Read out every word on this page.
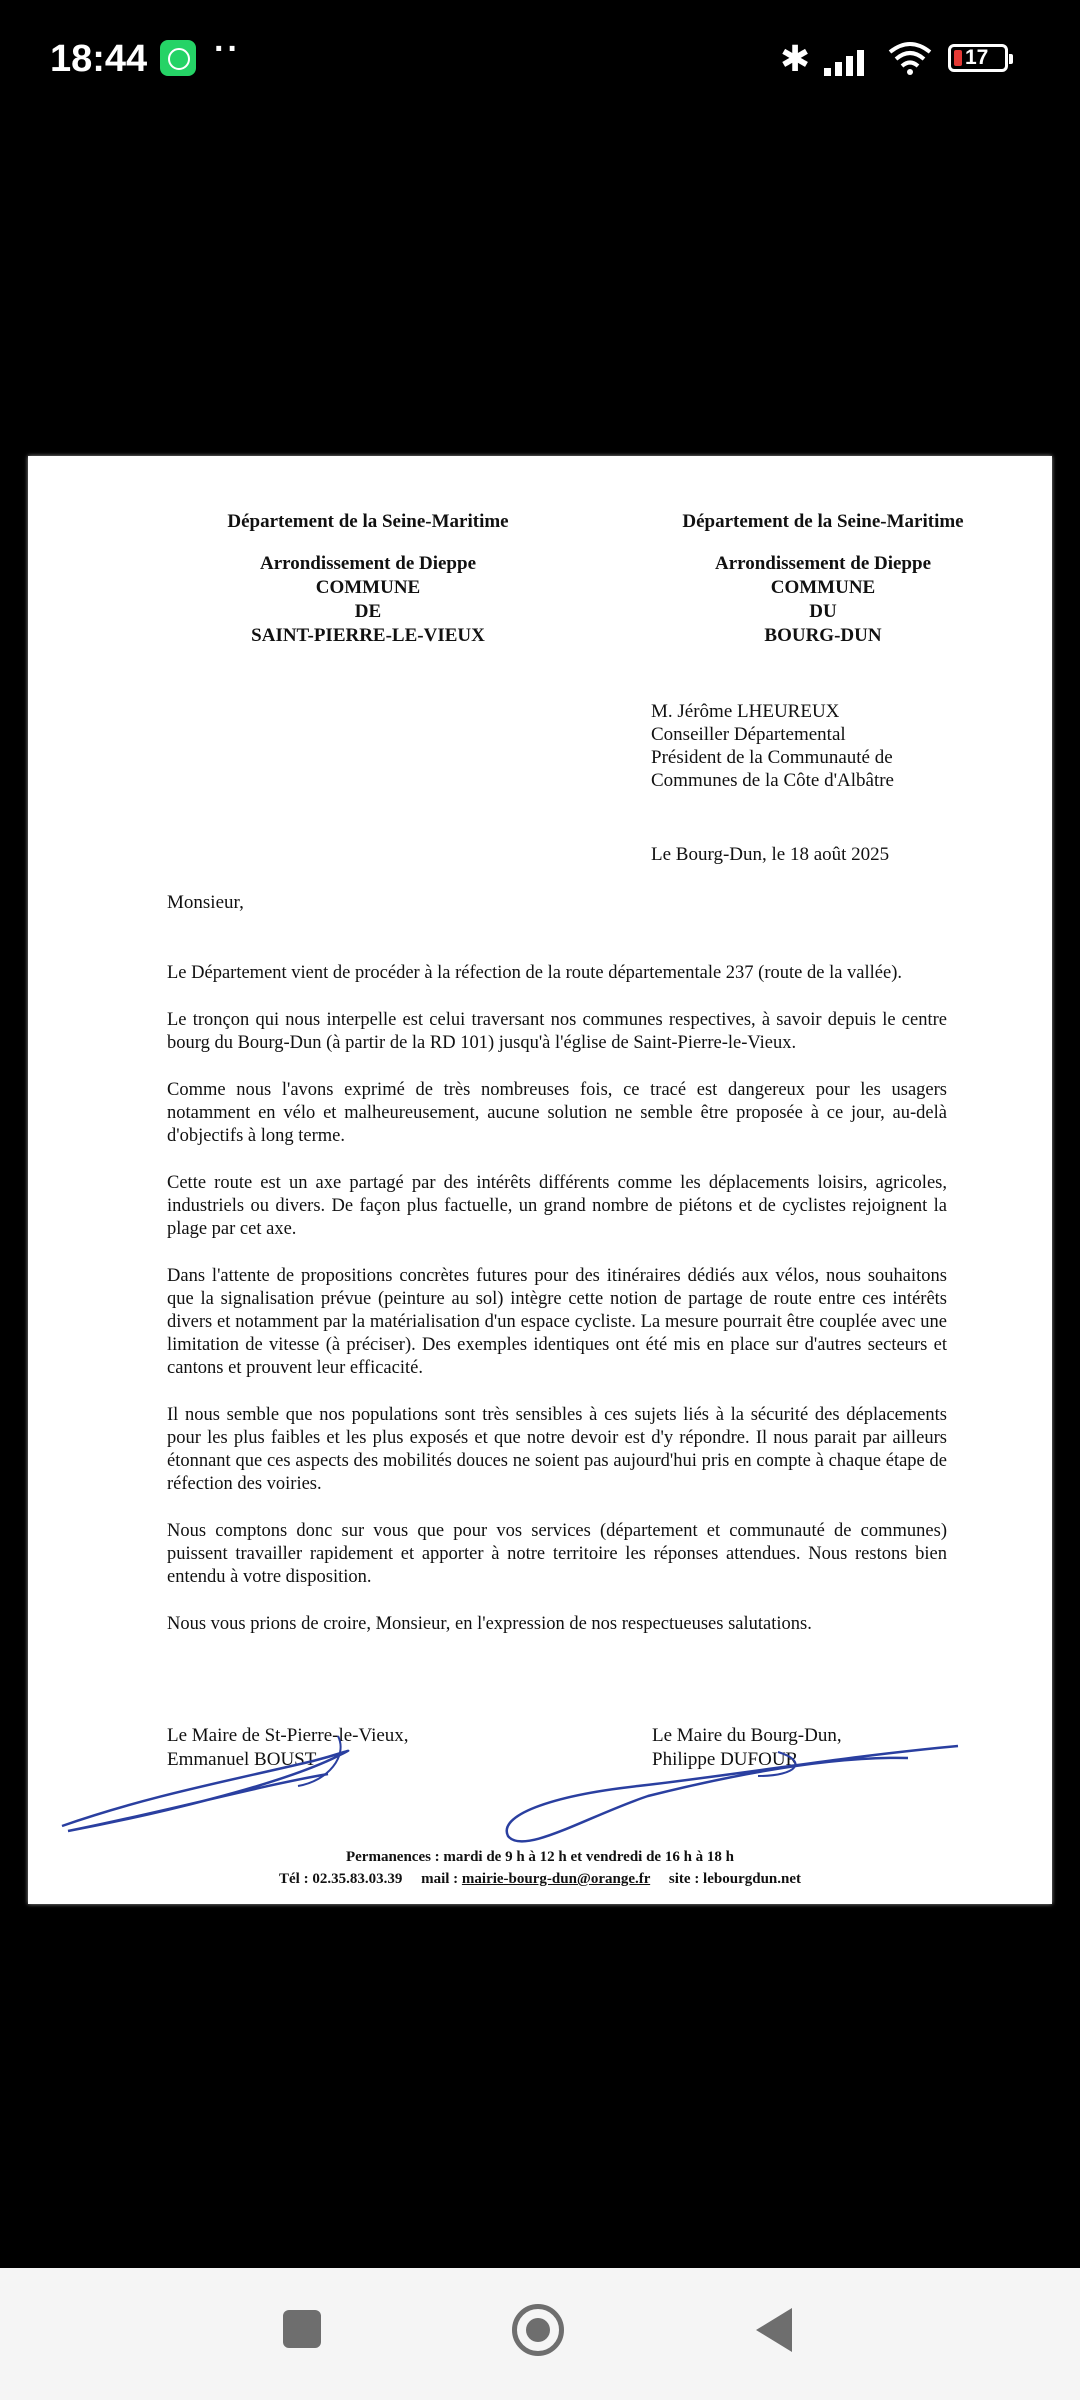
18:44 ··	✱	17
Département de la Seine-Maritime
Arrondissement de Dieppe
COMMUNE
DE
SAINT-PIERRE-LE-VIEUX
Département de la Seine-Maritime
Arrondissement de Dieppe
COMMUNE
DU
BOURG-DUN
M. Jérôme LHEUREUX
Conseiller Départemental
Président de la Communauté de
Communes de la Côte d'Albâtre
Le Bourg-Dun, le 18 août 2025
Monsieur,

Le Département vient de procéder à la réfection de la route départementale 237 (route de la vallée).

Le tronçon qui nous interpelle est celui traversant nos communes respectives, à savoir depuis le centre bourg du Bourg-Dun (à partir de la RD 101) jusqu'à l'église de Saint-Pierre-le-Vieux.

Comme nous l'avons exprimé de très nombreuses fois, ce tracé est dangereux pour les usagers notamment en vélo et malheureusement, aucune solution ne semble être proposée à ce jour, au-delà d'objectifs à long terme.

Cette route est un axe partagé par des intérêts différents comme les déplacements loisirs, agricoles, industriels ou divers. De façon plus factuelle, un grand nombre de piétons et de cyclistes rejoignent la plage par cet axe.

Dans l'attente de propositions concrètes futures pour des itinéraires dédiés aux vélos, nous souhaitons que la signalisation prévue (peinture au sol) intègre cette notion de partage de route entre ces intérêts divers et notamment par la matérialisation d'un espace cycliste. La mesure pourrait être couplée avec une limitation de vitesse (à préciser). Des exemples identiques ont été mis en place sur d'autres secteurs et cantons et prouvent leur efficacité.

Il nous semble que nos populations sont très sensibles à ces sujets liés à la sécurité des déplacements pour les plus faibles et les plus exposés et que notre devoir est d'y répondre. Il nous parait par ailleurs étonnant que ces aspects des mobilités douces ne soient pas aujourd'hui pris en compte à chaque étape de réfection des voiries.

Nous comptons donc sur vous que pour vos services (département et communauté de communes) puissent travailler rapidement et apporter à notre territoire les réponses attendues. Nous restons bien entendu à votre disposition.

Nous vous prions de croire, Monsieur, en l'expression de nos respectueuses salutations.

Le Maire de St-Pierre-le-Vieux,
Emmanuel BOUST
Le Maire du Bourg-Dun,
Philippe DUFOUR
Permanences : mardi de 9 h à 12 h et vendredi de 16 h à 18 h
Tél : 02.35.83.03.39 mail : mairie-bourg-dun@orange.fr site : lebourgdun.net
